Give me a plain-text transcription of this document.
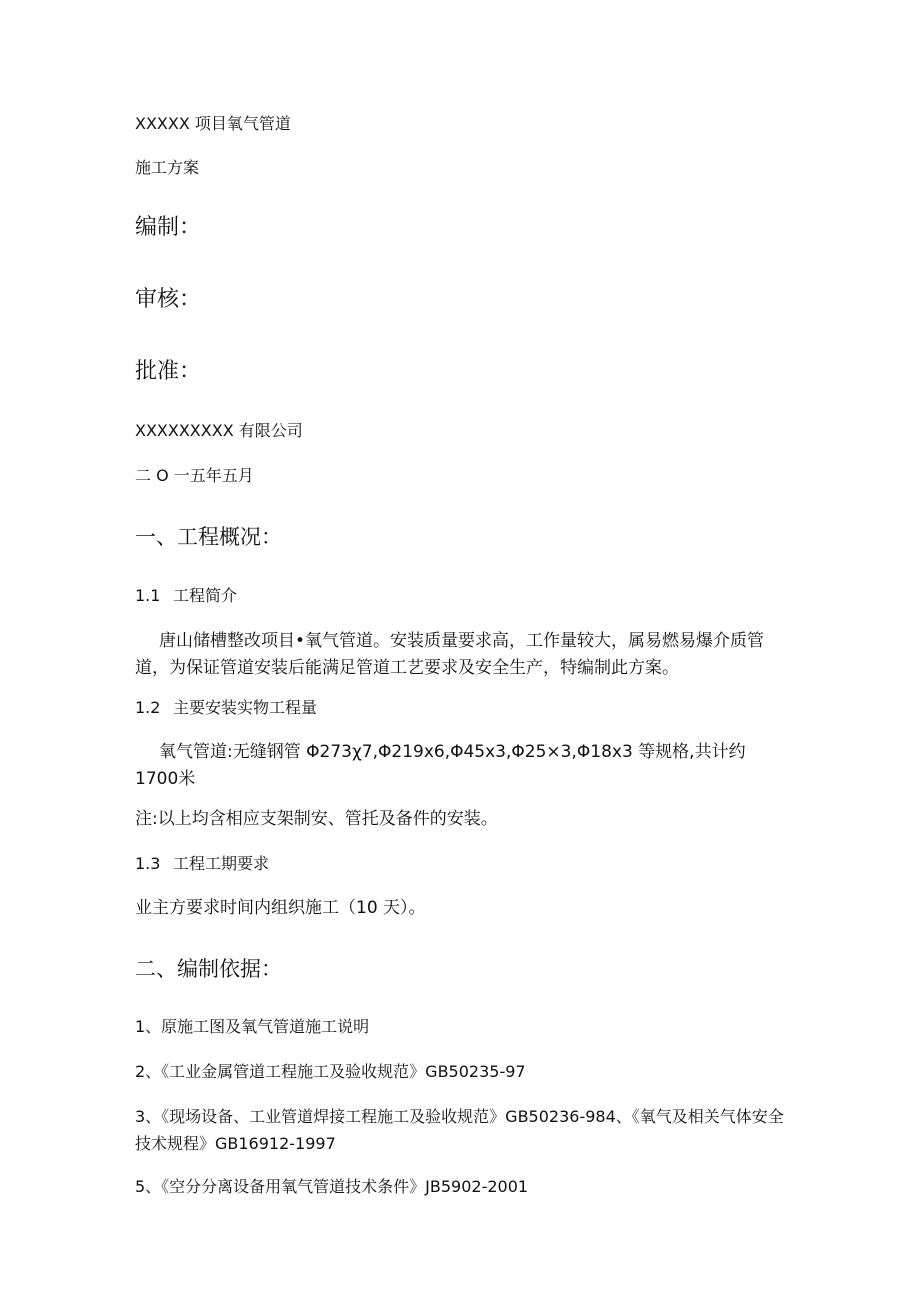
XXXXX 项目氧气管道
施工方案
编制：
审核：
批准：
XXXXXXXXX 有限公司
二 O 一五年五月
一、工程概况：
1.1 工程简介
唐山储槽整改项目•氧气管道。安装质量要求高，工作量较大，属易燃易爆介质管道，为保证管道安装后能满足管道工艺要求及安全生产，特编制此方案。
1.2 主要安装实物工程量
氧气管道:无缝钢管 Φ273χ7,Φ219x6,Φ45x3,Φ25×3,Φ18x3 等规格,共计约 1700米
注:以上均含相应支架制安、管托及备件的安装。
1.3 工程工期要求
业主方要求时间内组织施工（10 天）。
二、编制依据：
1、原施工图及氧气管道施工说明
2、《工业金属管道工程施工及验收规范》GB50235-97
3、《现场设备、工业管道焊接工程施工及验收规范》GB50236-984、《氧气及相关气体安全技术规程》GB16912-1997
5、《空分分离设备用氧气管道技术条件》JB5902-2001
